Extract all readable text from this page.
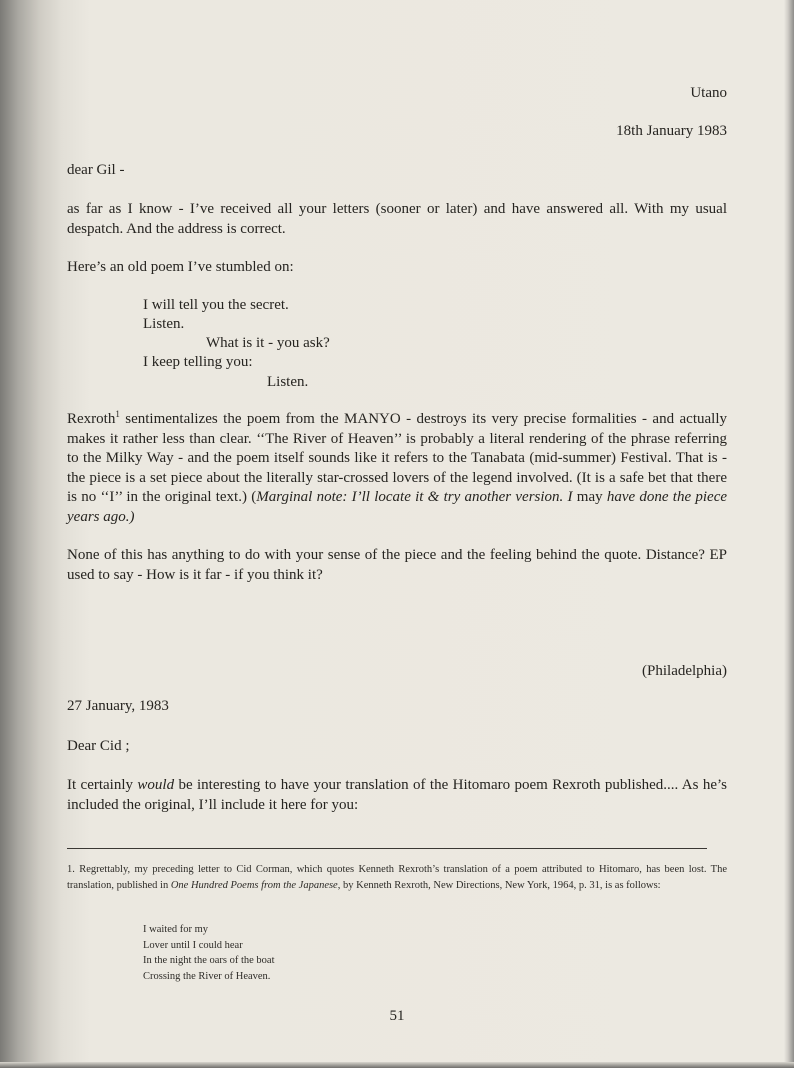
Utano

18th January 1983

dear Gil -

as far as I know - I’ve received all your letters (sooner or later) and have answered all. With my usual despatch. And the address is correct.

Here’s an old poem I’ve stumbled on:

I will tell you the secret.
Listen.
What is it - you ask?
I keep telling you:
Listen.

Rexroth$^1$ sentimentalizes the poem from the MANYO - destroys its very precise formalities - and actually makes it rather less than clear. ‘‘The River of Heaven’’ is probably a literal rendering of the phrase referring to the Milky Way - and the poem itself sounds like it refers to the Tanabata (mid-summer) Festival. That is - the piece is a set piece about the literally star-crossed lovers of the legend involved. (It is a safe bet that there is no ‘‘I’’ in the original text.) (Marginal note: I’ll locate it & try another version. I may have done the piece years ago.)

None of this has anything to do with your sense of the piece and the feeling behind the quote. Distance? EP used to say - How is it far - if you think it?

(Philadelphia)

27 January, 1983

Dear Cid ;

It certainly would be interesting to have your translation of the Hitomaro poem Rexroth published.... As he’s included the original, I’ll include it here for you:

1. Regrettably, my preceding letter to Cid Corman, which quotes Kenneth Rexroth’s translation of a poem attributed to Hitomaro, has been lost. The translation, published in One Hundred Poems from the Japanese, by Kenneth Rexroth, New Directions, New York, 1964, p. 31, is as follows:

I waited for my
Lover until I could hear
In the night the oars of the boat
Crossing the River of Heaven.
51
